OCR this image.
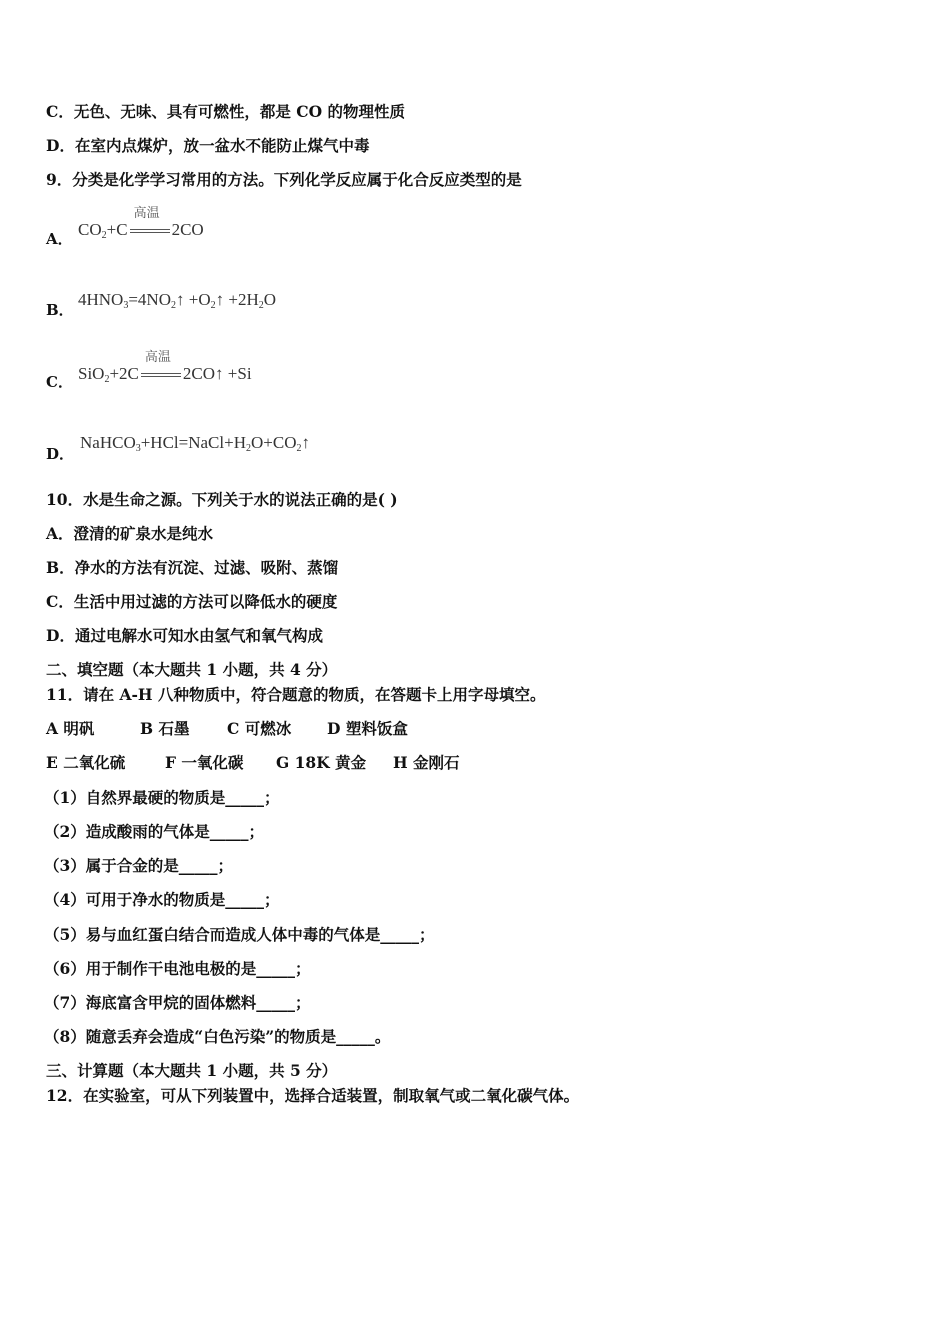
C．无色、无味、具有可燃性，都是 CO 的物理性质
D．在室内点煤炉，放一盆水不能防止煤气中毒
9．分类是化学学习常用的方法。下列化学反应属于化合反应类型的是
A． $CO_2+C$
高温
2CO
B．
$4HNO_3=4NO_2↑$ $+O_2↑ +2H_2O$
C． SiO$_2$+2C
高温
2CO↑ +Si
D．
$NaHCO_3+HCl=NaCl+H_2O+CO_2↑$
10．水是生命之源。下列关于水的说法正确的是( )
A．澄清的矿泉水是纯水
B．净水的方法有沉淀、过滤、吸附、蒸馏
C．生活中用过滤的方法可以降低水的硬度
D．通过电解水可知水由氢气和氧气构成
二、填空题（本大题共 1 小题，共 4 分）
11．请在 A-H 八种物质中，符合题意的物质，在答题卡上用字母填空。
A 明矾	B 石墨 C 可燃冰 D 塑料饭盒
E 二氧化硫	F 一氧化碳 G 18K 黄金 H 金刚石
（1）自然界最硬的物质是_____；
（2）造成酸雨的气体是_____；
（3）属于合金的是_____；
（4）可用于净水的物质是_____；
（5）易与血红蛋白结合而造成人体中毒的气体是_____；
（6）用于制作干电池电极的是_____；
（7）海底富含甲烷的固体燃料_____；
（8）随意丢弃会造成“白色污染”的物质是_____。
三、计算题（本大题共 1 小题，共 5 分）
12．在实验室，可从下列装置中，选择合适装置，制取氧气或二氧化碳气体。
